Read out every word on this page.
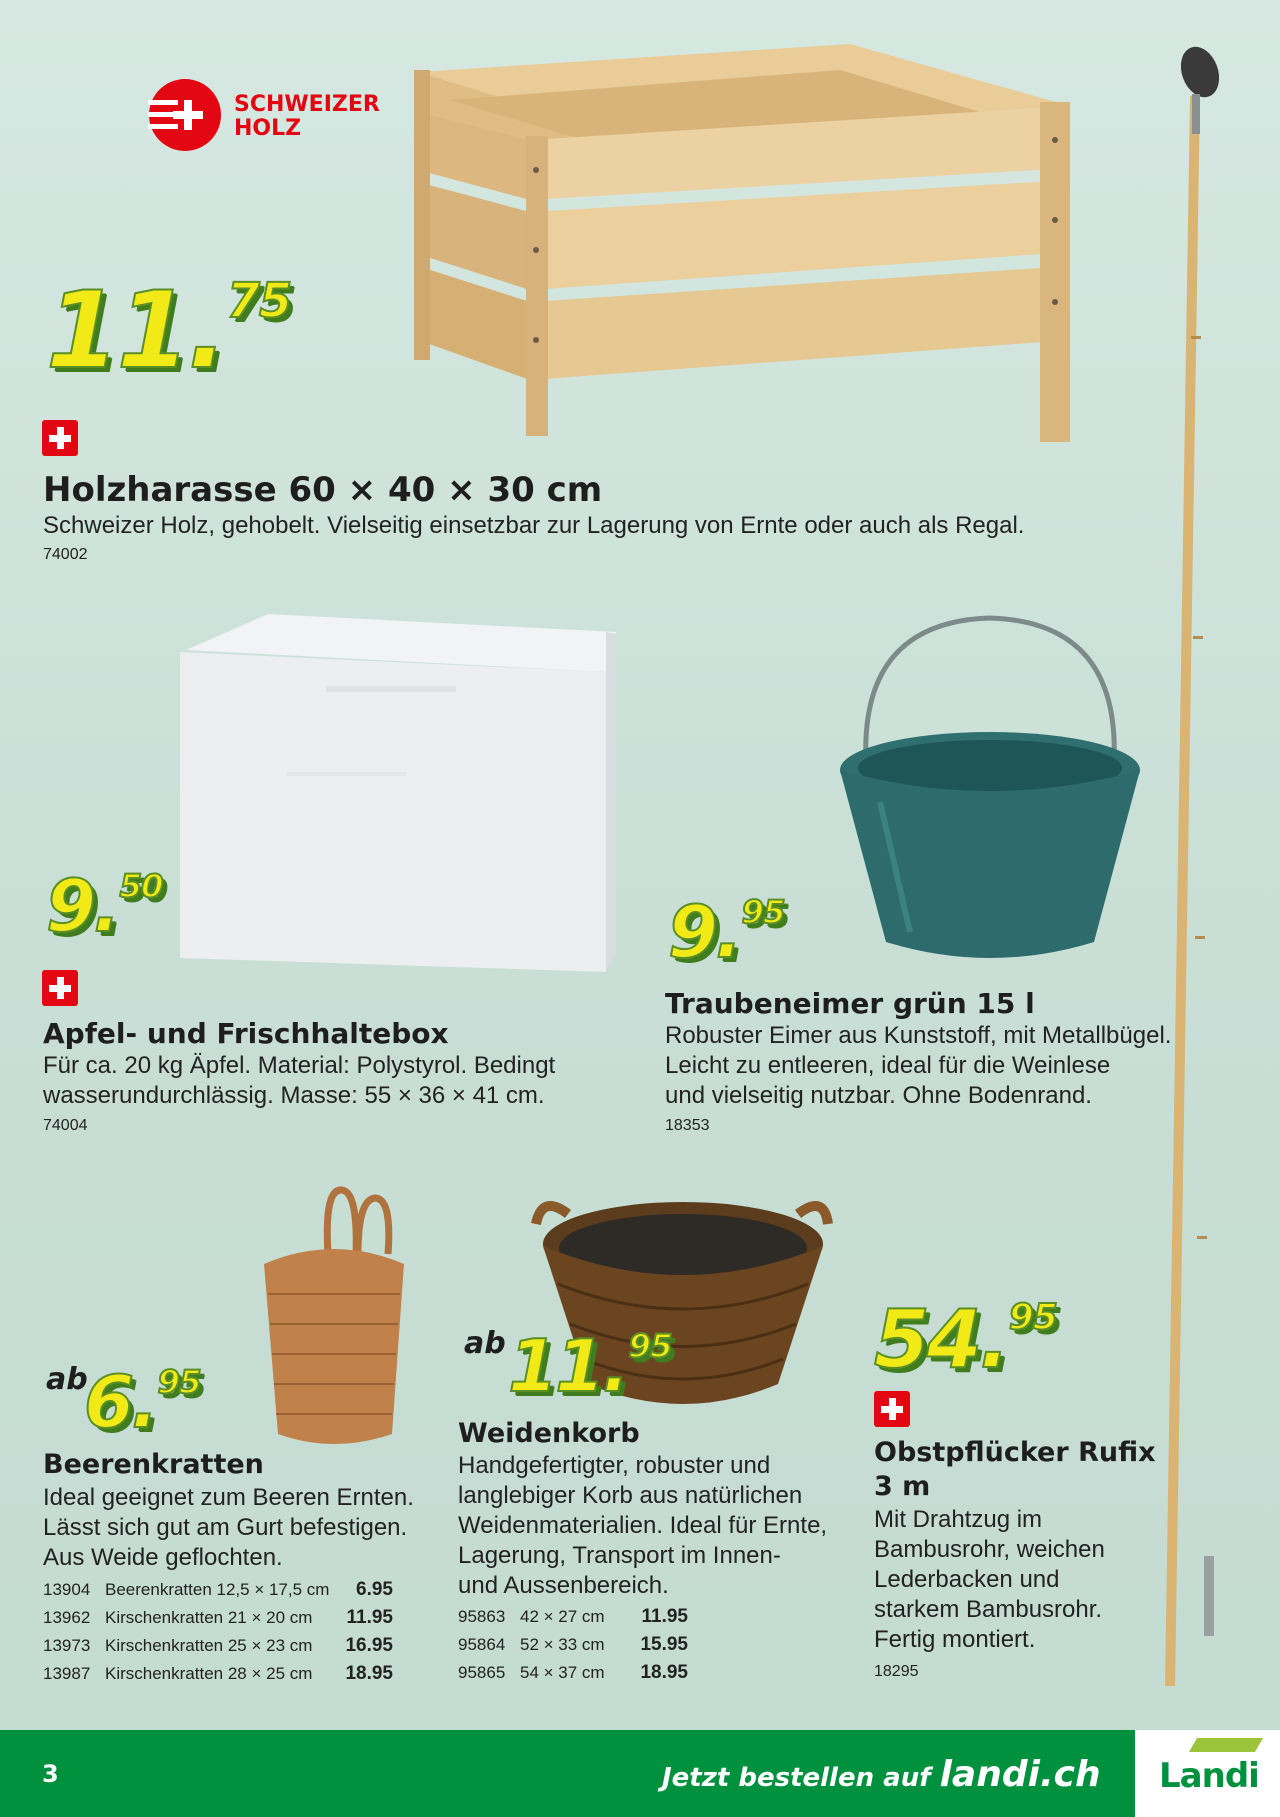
SCHWEIZER
HOLZ
11.75
Holzharasse 60 × 40 × 30 cm
Schweizer Holz, gehobelt. Vielseitig einsetzbar zur Lagerung von Ernte oder auch als Regal.
74002
9.50
Apfel- und Frischhaltebox
Für ca. 20 kg Äpfel. Material: Polystyrol. Bedingt
wasserundurchlässig. Masse: 55 × 36 × 41 cm.
74004
9.95
Traubeneimer grün 15 l
Robuster Eimer aus Kunststoff, mit Metallbügel.
Leicht zu entleeren, ideal für die Weinlese
und vielseitig nutzbar. Ohne Bodenrand.
18353
ab
6.95
Beerenkratten
Ideal geeignet zum Beeren Ernten.
Lässt sich gut am Gurt befestigen.
Aus Weide geflochten.
13904	Beerenkratten 12,5 × 17,5 cm	6.95
13962	Kirschenkratten 21 × 20 cm	11.95
13973	Kirschenkratten 25 × 23 cm	16.95
13987	Kirschenkratten 28 × 25 cm	18.95
ab 11.95
Weidenkorb
Handgefertigter, robuster und
langlebiger Korb aus natürlichen
Weidenmaterialien. Ideal für Ernte,
Lagerung, Transport im Innen-
und Aussenbereich.
95863	42 × 27 cm	11.95
95864	52 × 33 cm	15.95
95865	54 × 37 cm	18.95
54.95
Obstpflücker Rufix
3 m
Mit Drahtzug im
Bambusrohr, weichen
Lederbacken und
starkem Bambusrohr.
Fertig montiert.
18295
3	Jetzt bestellen auf landi.ch Landi
